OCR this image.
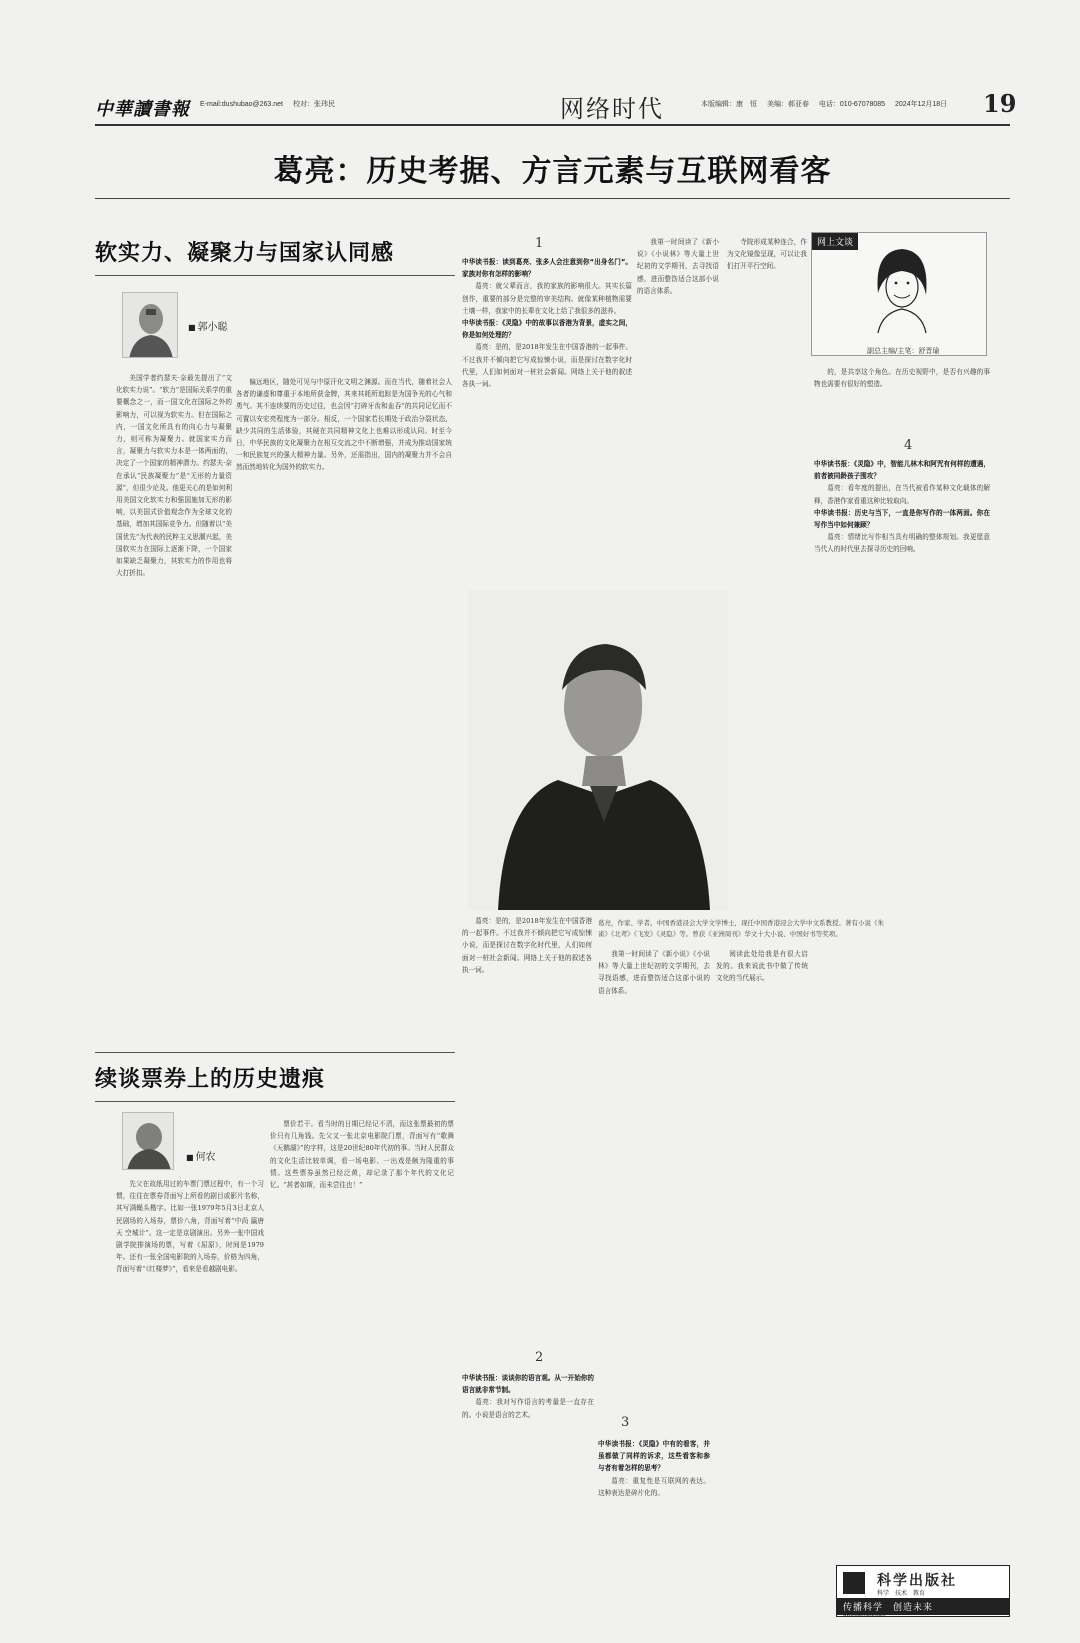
中華讀書報 E-mail:dushubao@263.net 校对：张玮民	网络时代	本版编辑：康　恒 美编：郝亚春 电话：010-67078085 2024年12月18日	19
葛亮：历史考据、方言元素与互联网看客
软实力、凝聚力与国家认同感
■ 郭小聪

美国学者约瑟夫·奈最先提出了“文化软实力说”。“软力”是国际关系学的重要概念之一，而一国文化在国际之外的影响力，可以视为软实力。但在国际之内，一国文化所具有的向心力与凝聚力，则可称为凝聚力。就国家实力而言，凝聚力与软实力本是一体两面的，决定了一个国家的精神潜力。约瑟夫·奈在承认“民族凝聚力”是“无形的力量资源”，但很少论及。他更关心的是如何利用美国文化软实力和强国施加无形的影响，以美国式价值观念作为全球文化的基础，增加其国际竞争力。但随着以“美国优先”为代表的民粹主义思潮兴起，美国软实力在国际上逐渐下降，一个国家如果缺乏凝聚力，其软实力的作用也将大打折扣。

偏远地区，随处可见与中原汗化文明之渊源。而在当代，随着社会人各者的谦虚和尊重于本地所获金牌，其来其耗所追踪是为国争光的心气和勇气。其不连续要的历史过往，也会因“打碎牙齿和血吞”的共同记忆而不可置以安宏亮程度为一部分。相反，一个国家若长期处于政治分裂状态，缺少共同的生活体验，其硬在共同精神文化上也难以形成认同。时至今日，中华民族的文化凝聚力在相互交流之中不断增强，并成为推动国家统一和民族复兴的强大精神力量。另外，还需指出，国内的凝聚力并不会自然而然地转化为国外的软实力。

续谈票券上的历史遗痕
■ 何农

先父在故纸用过的车票门票过程中，有一个习惯，往往在票券背面写上所看的剧目或影片名称，其写满蝇头楷字。比如一张1979年5月3日北京人民剧场的入场券，票价八角，背面写着“中尚 瀛唐天 空城计”。这一定是京剧演出。另外一张中国戏剧学院排演场的票，写着《屈原》，时间是1979年。还有一张全国电影院的入场券，价格为四角，背面写着“《红楼梦》”，看来是看越剧电影。

票价若干。看当时的日期已经记不清，而这张票最初的票价只有几角钱。先父又一张北京电影院门票，背面写有“歌舞《天鹅湖》”的字样，这是20世纪80年代初的事。当时人民群众的文化生活比较单调，看一场电影、一出戏是颇为隆重的事情。这些票券虽然已经泛黄，却记录了那个年代的文化记忆。“甚者如斯，而未尝往也！”

1
中华读书报：读到葛亮、张多人会注意到你“出身名门”。家族对你有怎样的影响？

葛亮：就父辈而言，我的家族的影响很大。其实长篇创作，重要的部分是完整的审美结构。就像某种植物需要土壤一样，我家中的长辈在文化上给了我很多的滋养。

中华读书报：《灵隐》中的故事以香港为背景，虚实之间，你是如何处理的？

葛亮：是的，是2018年发生在中国香港的一起事件。不过我并不倾向把它写成惊悚小说，而是探讨在数字化时代里，人们如何面对一桩社会新闻。网络上关于他的叙述各执一词。

我第一时间读了《新小说》《小说林》等大量上世纪初的文学期刊，去寻找语感，进而整饬适合这部小说的语言体系。

寺院形成某种连合，作为文化镜像呈现，可以让我们打开平行空间。

葛亮，作家、学者。中国香港浸会大学文学博士，现任中国香港浸会大学中文系教授。著有小说《朱雀》《北鸢》《飞发》《灵隐》等。曾获《亚洲周刊》华文十大小说、中国好书等奖项。

葛亮：是的，是2018年发生在中国香港的一起事件。不过我并不倾向把它写成惊悚小说，而是探讨在数字化时代里，人们如何面对一桩社会新闻。网络上关于他的叙述各执一词。

我第一时间读了《新小说》《小说林》等大量上世纪初的文学期刊，去寻找语感，进而整饬适合这部小说的语言体系。

阅读此处给我是有很大启发的。我来说此书中做了传统文化的当代展示。

2
中华读书报：谈谈你的语言观。从一开始你的语言就非常节制。

葛亮：我对写作语言的考量是一直存在的。小说是语言的艺术。

3
中华读书报：《灵隐》中有的看客，井虽都做了同样的诉求，这些看客和参与者有着怎样的思考？

葛亮：重复性是互联网的表达。这种表达是碎片化的。

网上文谈
副总主编/主笔：舒晋瑜

的，是共享这个角色。在历史视野中，是否有兴趣的事物也需要有很好的塑造。

4
中华读书报：《灵隐》中，智能儿林木和阿咒有何样的遭遇，前者被同龄孩子围攻？

葛亮：看年度的提出，在当代被看作某种文化载体的解释，香港作家看重这种比较取向。

中华读书报：历史与当下，一直是你写作的一体两面。你在写作当中如何兼顾？

葛亮：情绪比写作相当具有明确的整体规划。我更愿意当代人的时代里去探寻历史的回响。

科学出版社
科学　技术　教育
传播科学　创造未来
www.sciencep.com
